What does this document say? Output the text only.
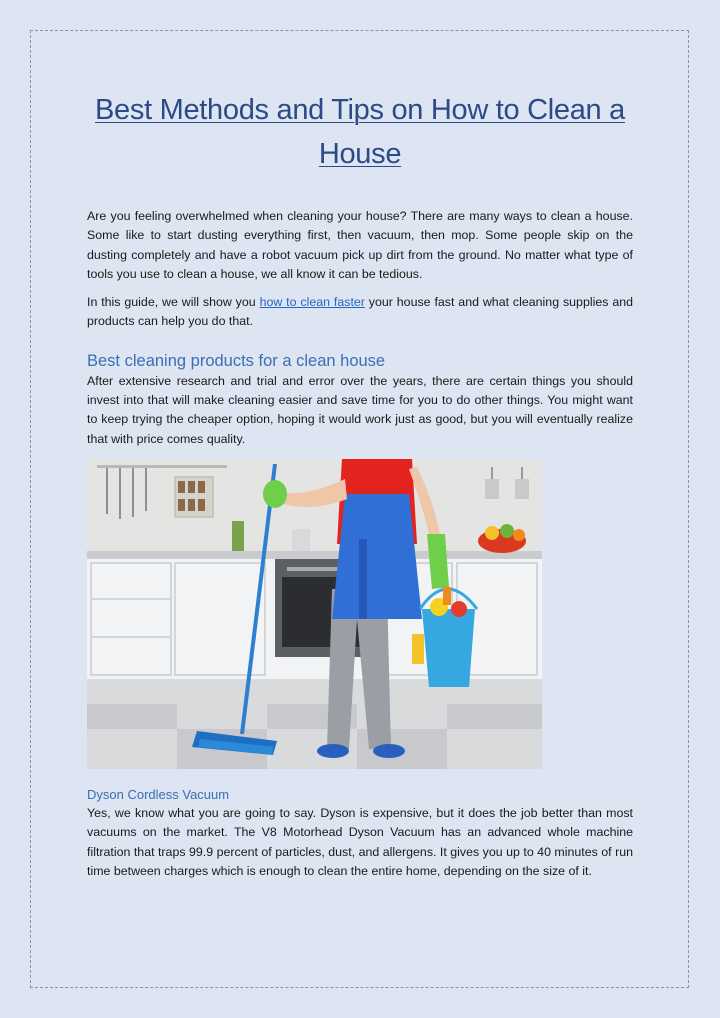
Best Methods and Tips on How to Clean a House

Are you feeling overwhelmed when cleaning your house? There are many ways to clean a house. Some like to start dusting everything first, then vacuum, then mop. Some people skip on the dusting completely and have a robot vacuum pick up dirt from the ground. No matter what type of tools you use to clean a house, we all know it can be tedious.

In this guide, we will show you how to clean faster your house fast and what cleaning supplies and products can help you do that.

Best cleaning products for a clean house

After extensive research and trial and error over the years, there are certain things you should invest into that will make cleaning easier and save time for you to do other things. You might want to keep trying the cheaper option, hoping it would work just as good, but you will eventually realize that with price comes quality.

Dyson Cordless Vacuum

Yes, we know what you are going to say. Dyson is expensive, but it does the job better than most vacuums on the market. The V8 Motorhead Dyson Vacuum has an advanced whole machine filtration that traps 99.9 percent of particles, dust, and allergens. It gives you up to 40 minutes of run time between charges which is enough to clean the entire home, depending on the size of it.
